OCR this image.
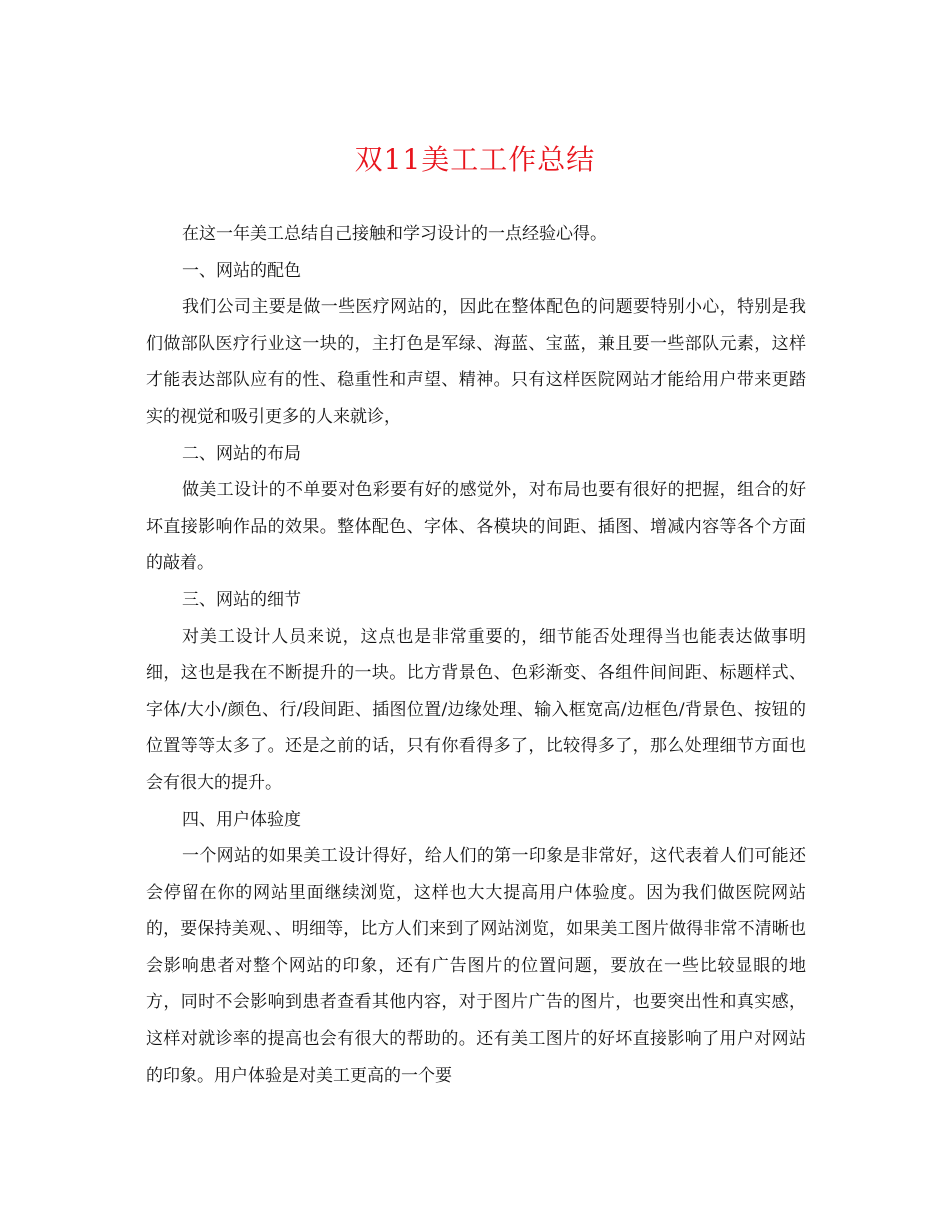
双11美工工作总结

在这一年美工总结自己接触和学习设计的一点经验心得。

一、网站的配色

我们公司主要是做一些医疗网站的，因此在整体配色的问题要特别小心，特别是我们做部队医疗行业这一块的，主打色是军绿、海蓝、宝蓝，兼且要一些部队元素，这样才能表达部队应有的性、稳重性和声望、精神。只有这样医院网站才能给用户带来更踏实的视觉和吸引更多的人来就诊，

二、网站的布局

做美工设计的不单要对色彩要有好的感觉外，对布局也要有很好的把握，组合的好坏直接影响作品的效果。整体配色、字体、各模块的间距、插图、增减内容等各个方面的敲着。

三、网站的细节

对美工设计人员来说，这点也是非常重要的，细节能否处理得当也能表达做事明细，这也是我在不断提升的一块。比方背景色、色彩渐变、各组件间间距、标题样式、字体/大小/颜色、行/段间距、插图位置/边缘处理、输入框宽高/边框色/背景色、按钮的位置等等太多了。还是之前的话，只有你看得多了，比较得多了，那么处理细节方面也会有很大的提升。

四、用户体验度

一个网站的如果美工设计得好，给人们的第一印象是非常好，这代表着人们可能还会停留在你的网站里面继续浏览，这样也大大提高用户体验度。因为我们做医院网站的，要保持美观、、明细等，比方人们来到了网站浏览，如果美工图片做得非常不清晰也会影响患者对整个网站的印象，还有广告图片的位置问题，要放在一些比较显眼的地方，同时不会影响到患者查看其他内容，对于图片广告的图片，也要突出性和真实感，这样对就诊率的提高也会有很大的帮助的。还有美工图片的好坏直接影响了用户对网站的印象。用户体验是对美工更高的一个要
